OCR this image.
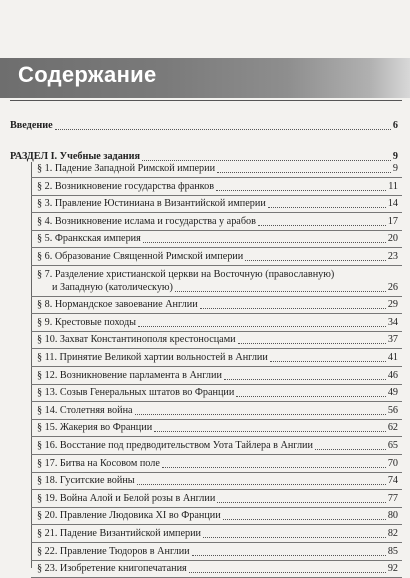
Содержание
Введение	6
РАЗДЕЛ I. Учебные задания	9
§ 1. Падение Западной Римской империи	9
§ 2. Возникновение государства франков	11
§ 3. Правление Юстиниана в Византийской империи	14
§ 4. Возникновение ислама и государства у арабов	17
§ 5. Франкская империя	20
§ 6. Образование Священной Римской империи	23
§ 7. Разделение христианской церкви на Восточную (православную)
и Западную (католическую)	26
§ 8. Нормандское завоевание Англии	29
§ 9. Крестовые походы	34
§ 10. Захват Константинополя крестоносцами	37
§ 11. Принятие Великой хартии вольностей в Англии	41
§ 12. Возникновение парламента в Англии	46
§ 13. Созыв Генеральных штатов во Франции	49
§ 14. Столетняя война	56
§ 15. Жакерия во Франции	62
§ 16. Восстание под предводительством Уота Тайлера в Англии	65
§ 17. Битва на Косовом поле	70
§ 18. Гуситские войны	74
§ 19. Война Алой и Белой розы в Англии	77
§ 20. Правление Людовика XI во Франции	80
§ 21. Падение Византийской империи	82
§ 22. Правление Тюдоров в Англии	85
§ 23. Изобретение книгопечатания	92
